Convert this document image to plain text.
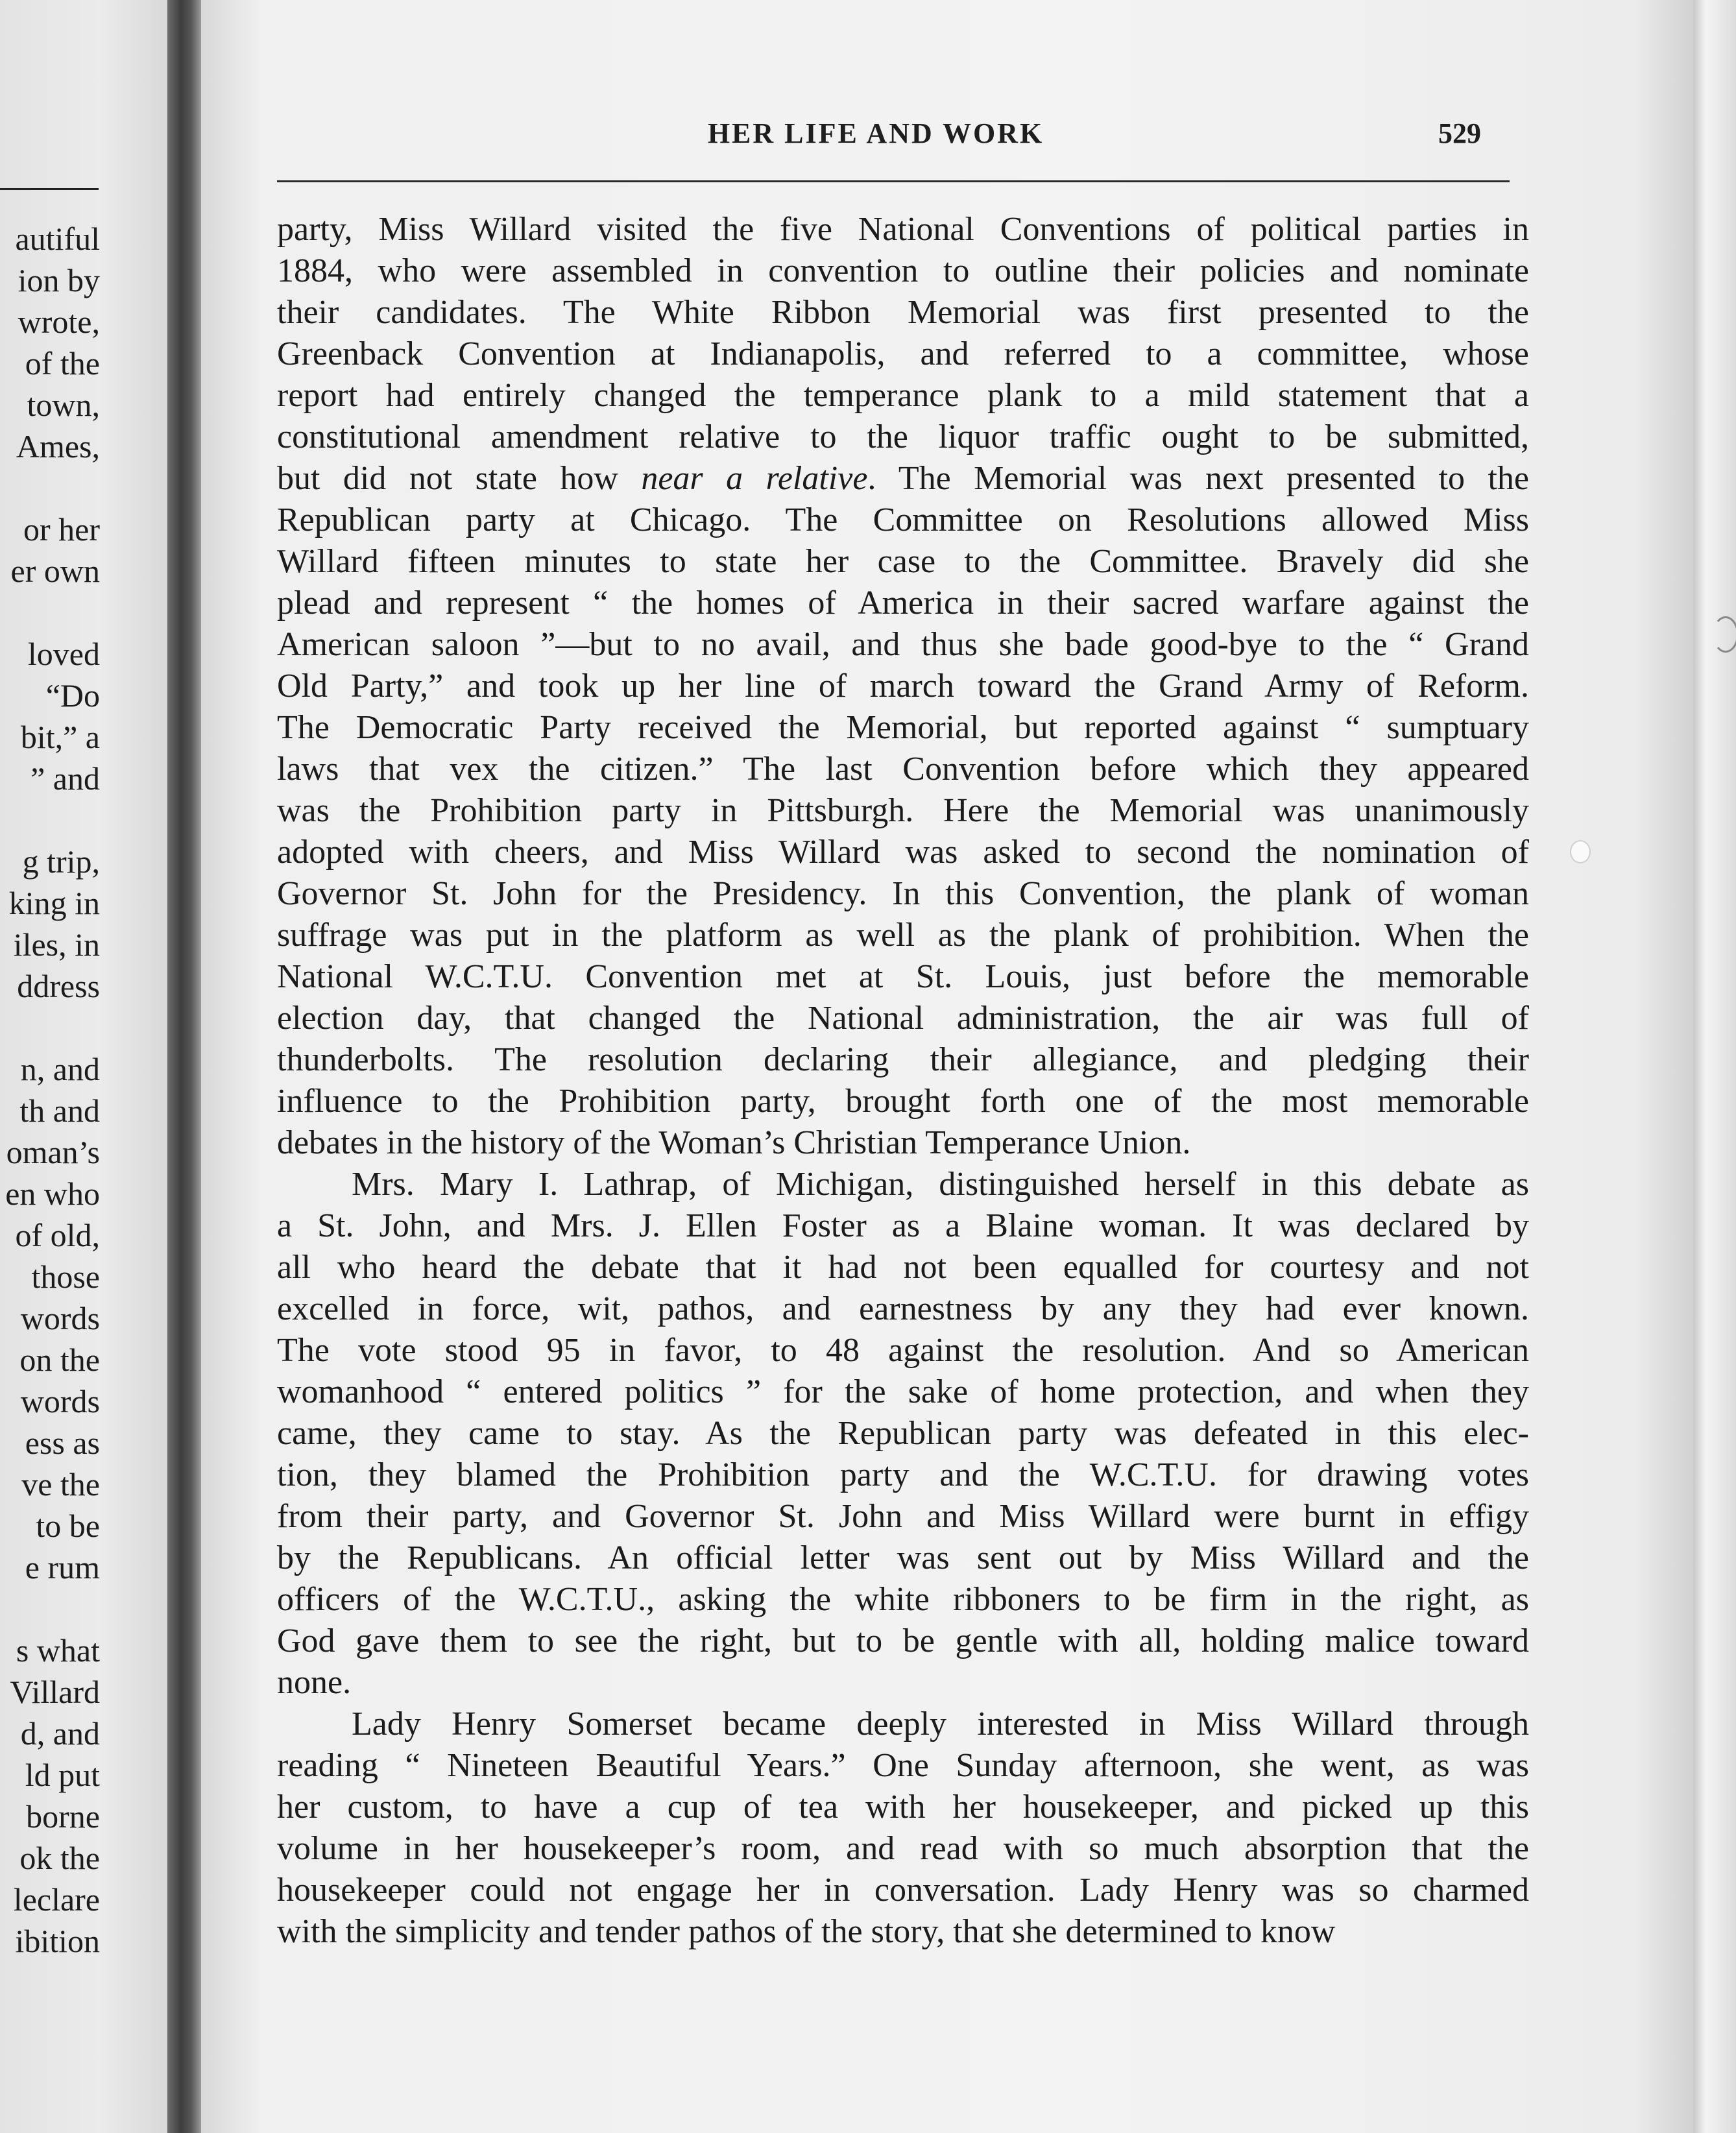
autiful
ion by
wrote,
of the
town,
Ames,
or her
er own
loved
“Do
bit,” a
” and
g trip,
king in
iles, in
ddress
n, and
th and
oman’s
en who
of old,
those
words
on the
words
ess as
ve the
to be
e rum
s what
Villard
d, and
ld put
borne
ok the
leclare
ibition
HER LIFE AND WORK	529
party, Miss Willard visited the five National Conventions of political parties in
1884, who were assembled in convention to outline their policies and nominate
their candidates. The White Ribbon Memorial was first presented to the
Greenback Convention at Indianapolis, and referred to a committee, whose
report had entirely changed the temperance plank to a mild statement that a
constitutional amendment relative to the liquor traffic ought to be submitted,
but did not state how near a relative. The Memorial was next presented to the
Republican party at Chicago. The Committee on Resolutions allowed Miss
Willard fifteen minutes to state her case to the Committee. Bravely did she
plead and represent “ the homes of America in their sacred warfare against the
American saloon ”—but to no avail, and thus she bade good-bye to the “ Grand
Old Party,” and took up her line of march toward the Grand Army of Reform.
The Democratic Party received the Memorial, but reported against “ sumptuary
laws that vex the citizen.” The last Convention before which they appeared
was the Prohibition party in Pittsburgh. Here the Memorial was unanimously
adopted with cheers, and Miss Willard was asked to second the nomination of
Governor St. John for the Presidency. In this Convention, the plank of woman
suffrage was put in the platform as well as the plank of prohibition. When the
National W.C.T.U. Convention met at St. Louis, just before the memorable
election day, that changed the National administration, the air was full of
thunderbolts. The resolution declaring their allegiance, and pledging their
influence to the Prohibition party, brought forth one of the most memorable
debates in the history of the Woman’s Christian Temperance Union.
Mrs. Mary I. Lathrap, of Michigan, distinguished herself in this debate as
a St. John, and Mrs. J. Ellen Foster as a Blaine woman. It was declared by
all who heard the debate that it had not been equalled for courtesy and not
excelled in force, wit, pathos, and earnestness by any they had ever known.
The vote stood 95 in favor, to 48 against the resolution. And so American
womanhood “ entered politics ” for the sake of home protection, and when they
came, they came to stay. As the Republican party was defeated in this elec-
tion, they blamed the Prohibition party and the W.C.T.U. for drawing votes
from their party, and Governor St. John and Miss Willard were burnt in effigy
by the Republicans. An official letter was sent out by Miss Willard and the
officers of the W.C.T.U., asking the white ribboners to be firm in the right, as
God gave them to see the right, but to be gentle with all, holding malice toward
none.
Lady Henry Somerset became deeply interested in Miss Willard through
reading “ Nineteen Beautiful Years.” One Sunday afternoon, she went, as was
her custom, to have a cup of tea with her housekeeper, and picked up this
volume in her housekeeper’s room, and read with so much absorption that the
housekeeper could not engage her in conversation. Lady Henry was so charmed
with the simplicity and tender pathos of the story, that she determined to know
